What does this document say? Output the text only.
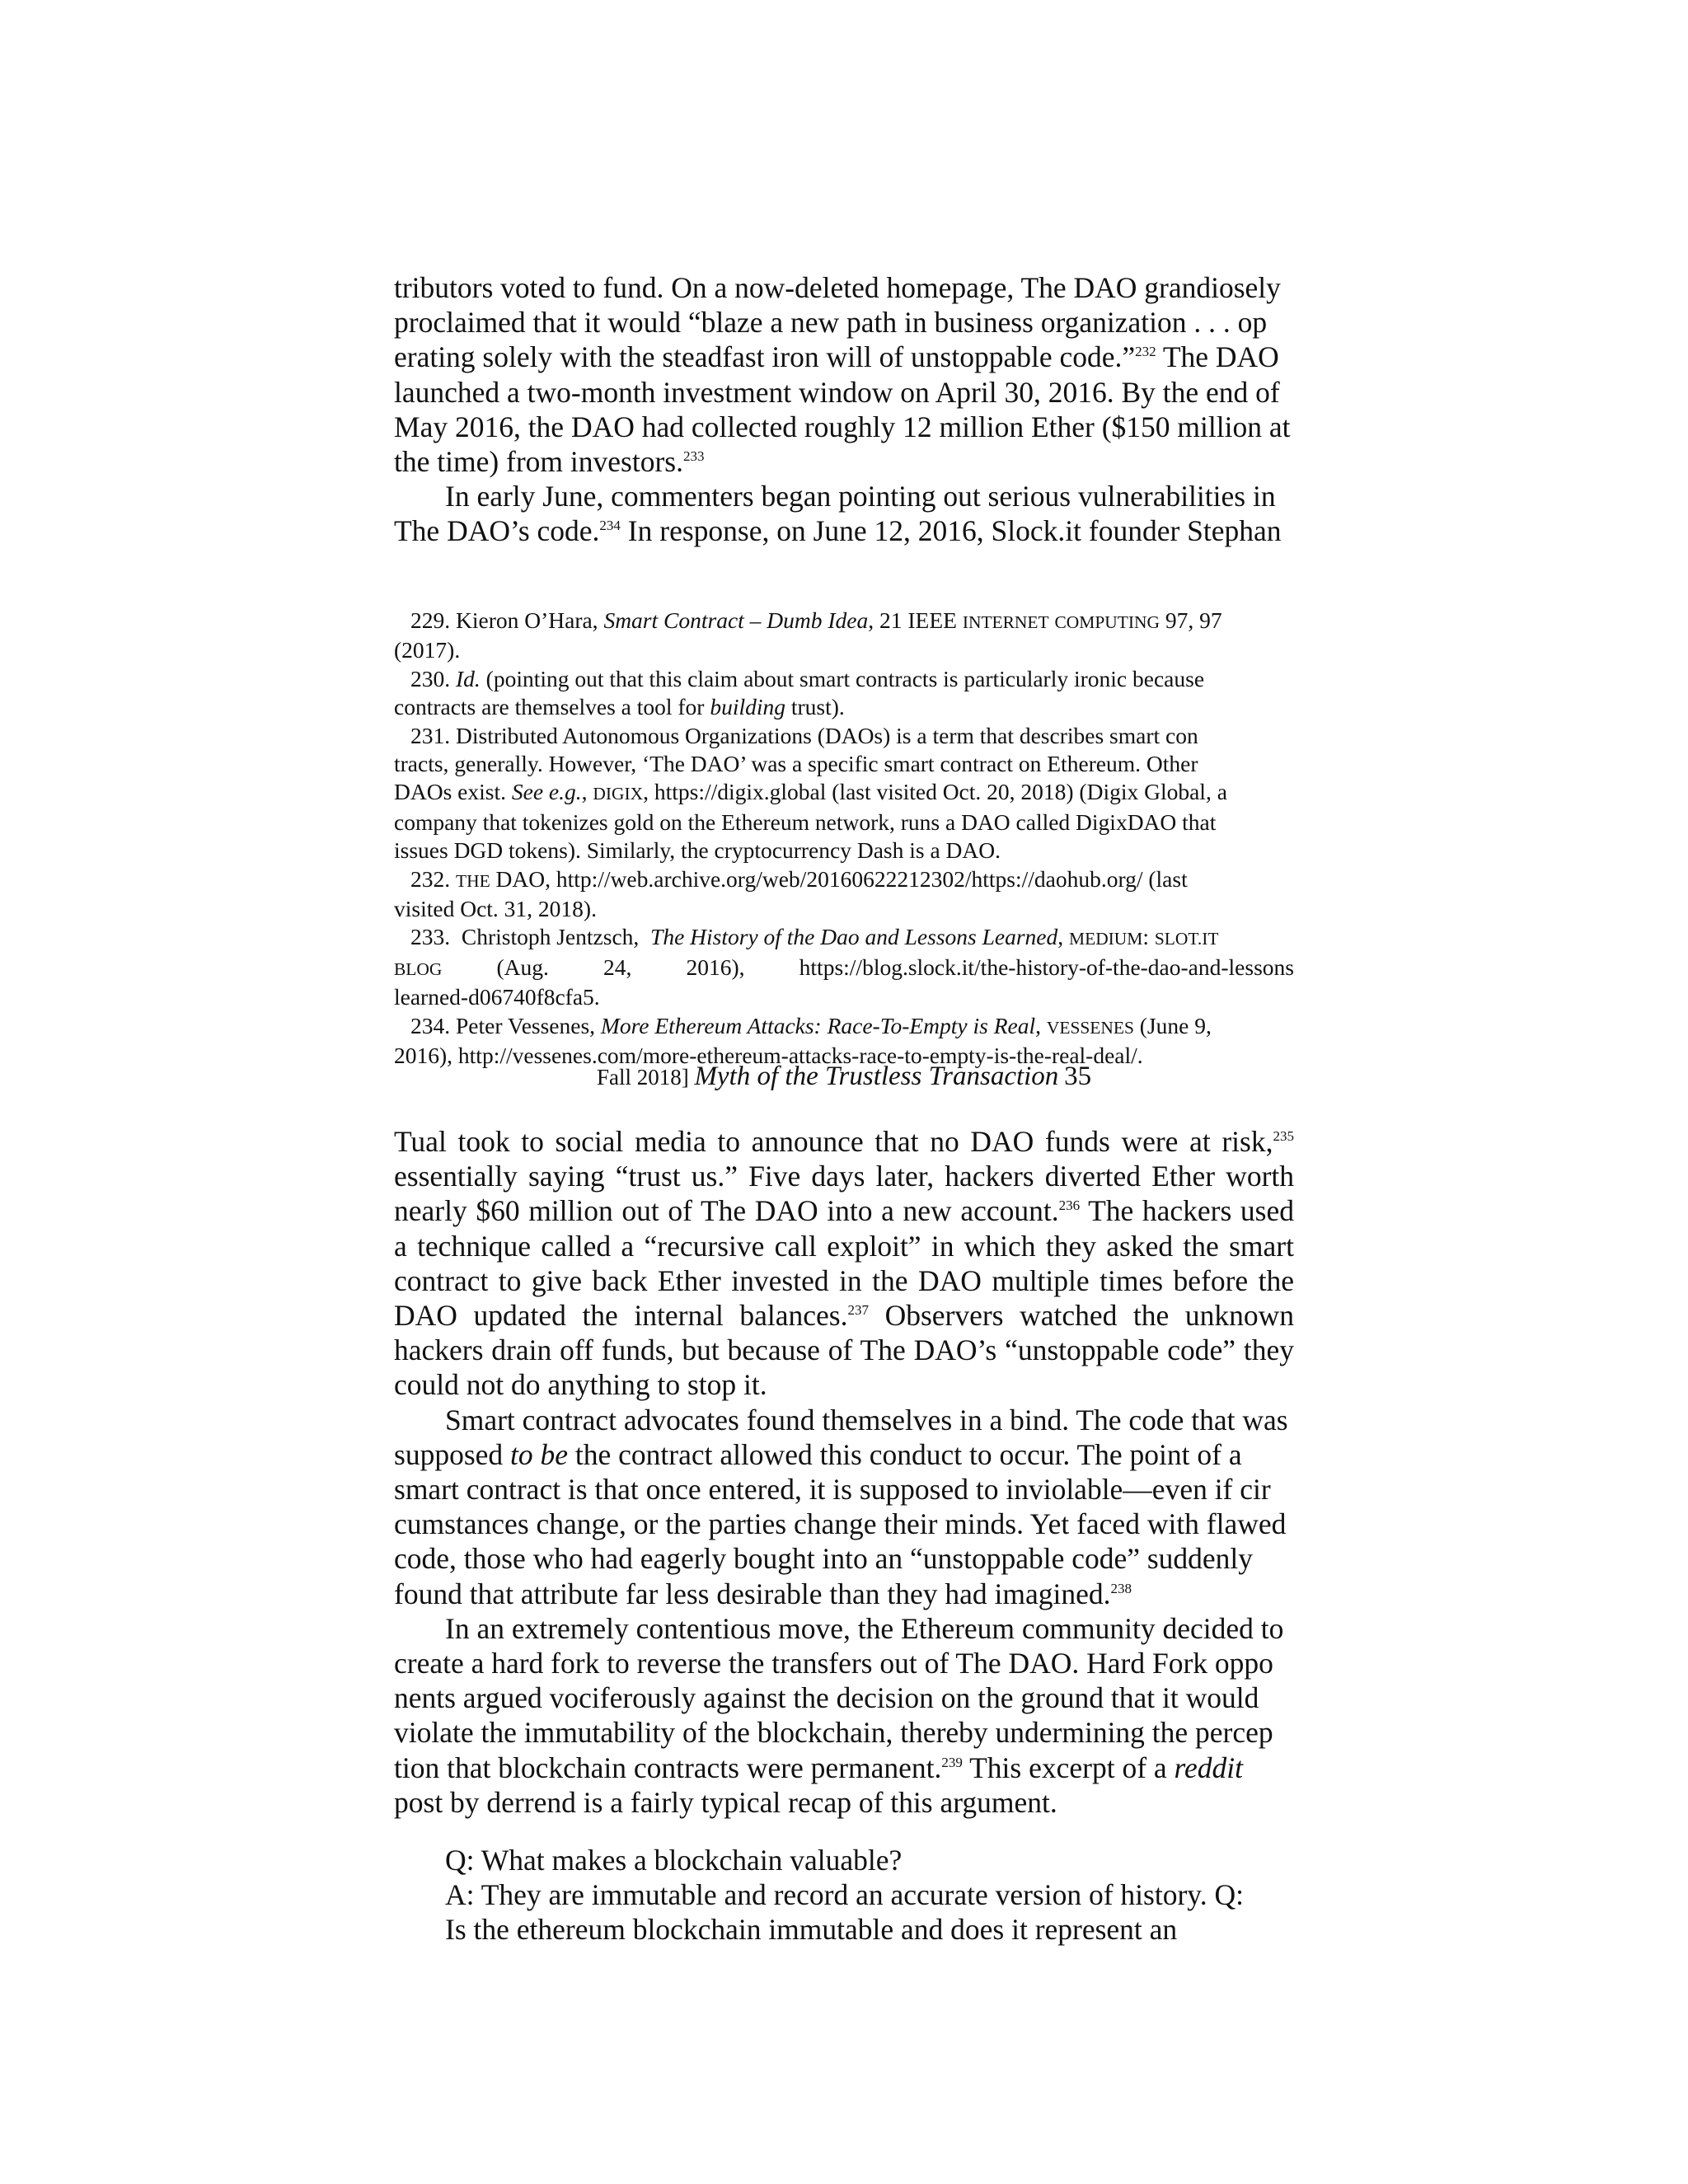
tributors voted to fund. On a now-deleted homepage, The DAO grandiosely
proclaimed that it would “blaze a new path in business organization . . . op
erating solely with the steadfast iron will of unstoppable code.”$^{232}$ The DAO
launched a two-month investment window on April 30, 2016. By the end of
May 2016, the DAO had collected roughly 12 million Ether ($150 million at
the time) from investors.$^{233}$
In early June, commenters began pointing out serious vulnerabilities in
The DAO’s code.$^{234}$ In response, on June 12, 2016, Slock.it founder Stephan
229. Kieron O’Hara, Smart Contract – Dumb Idea, 21 IEEE INTERNET COMPUTING 97, 97
(2017).
230. Id. (pointing out that this claim about smart contracts is particularly ironic because
contracts are themselves a tool for building trust).
231. Distributed Autonomous Organizations (DAOs) is a term that describes smart con
tracts, generally. However, ‘The DAO’ was a specific smart contract on Ethereum. Other
DAOs exist. See e.g., DIGIX, https://digix.global (last visited Oct. 20, 2018) (Digix Global, a
company that tokenizes gold on the Ethereum network, runs a DAO called DigixDAO that
issues DGD tokens). Similarly, the cryptocurrency Dash is a DAO.
232. THE DAO, http://web.archive.org/web/20160622212302/https://daohub.org/ (last
visited Oct. 31, 2018).
233. Christoph Jentzsch, The History of the Dao and Lessons Learned, MEDIUM: SLOT.IT
BLOG (Aug. 24, 2016), https://blog.slock.it/the-history-of-the-dao-and-lessons
learned-d06740f8cfa5.
234. Peter Vessenes, More Ethereum Attacks: Race-To-Empty is Real, VESSENES (June 9,
2016), http://vessenes.com/more-ethereum-attacks-race-to-empty-is-the-real-deal/.
Fall 2018] Myth of the Trustless Transaction 35
Tual took to social media to announce that no DAO funds were at risk,$^{235}$
essentially saying “trust us.” Five days later, hackers diverted Ether worth
nearly $60 million out of The DAO into a new account.$^{236}$ The hackers used
a technique called a “recursive call exploit” in which they asked the smart
contract to give back Ether invested in the DAO multiple times before the
DAO updated the internal balances.$^{237}$ Observers watched the unknown
hackers drain off funds, but because of The DAO’s “unstoppable code” they
could not do anything to stop it.
Smart contract advocates found themselves in a bind. The code that was
supposed to be the contract allowed this conduct to occur. The point of a
smart contract is that once entered, it is supposed to inviolable—even if cir
cumstances change, or the parties change their minds. Yet faced with flawed
code, those who had eagerly bought into an “unstoppable code” suddenly
found that attribute far less desirable than they had imagined.$^{238}$
In an extremely contentious move, the Ethereum community decided to
create a hard fork to reverse the transfers out of The DAO. Hard Fork oppo
nents argued vociferously against the decision on the ground that it would
violate the immutability of the blockchain, thereby undermining the percep
tion that blockchain contracts were permanent.$^{239}$ This excerpt of a reddit
post by derrend is a fairly typical recap of this argument.
Q: What makes a blockchain valuable?
A: They are immutable and record an accurate version of history. Q:
Is the ethereum blockchain immutable and does it represent an
